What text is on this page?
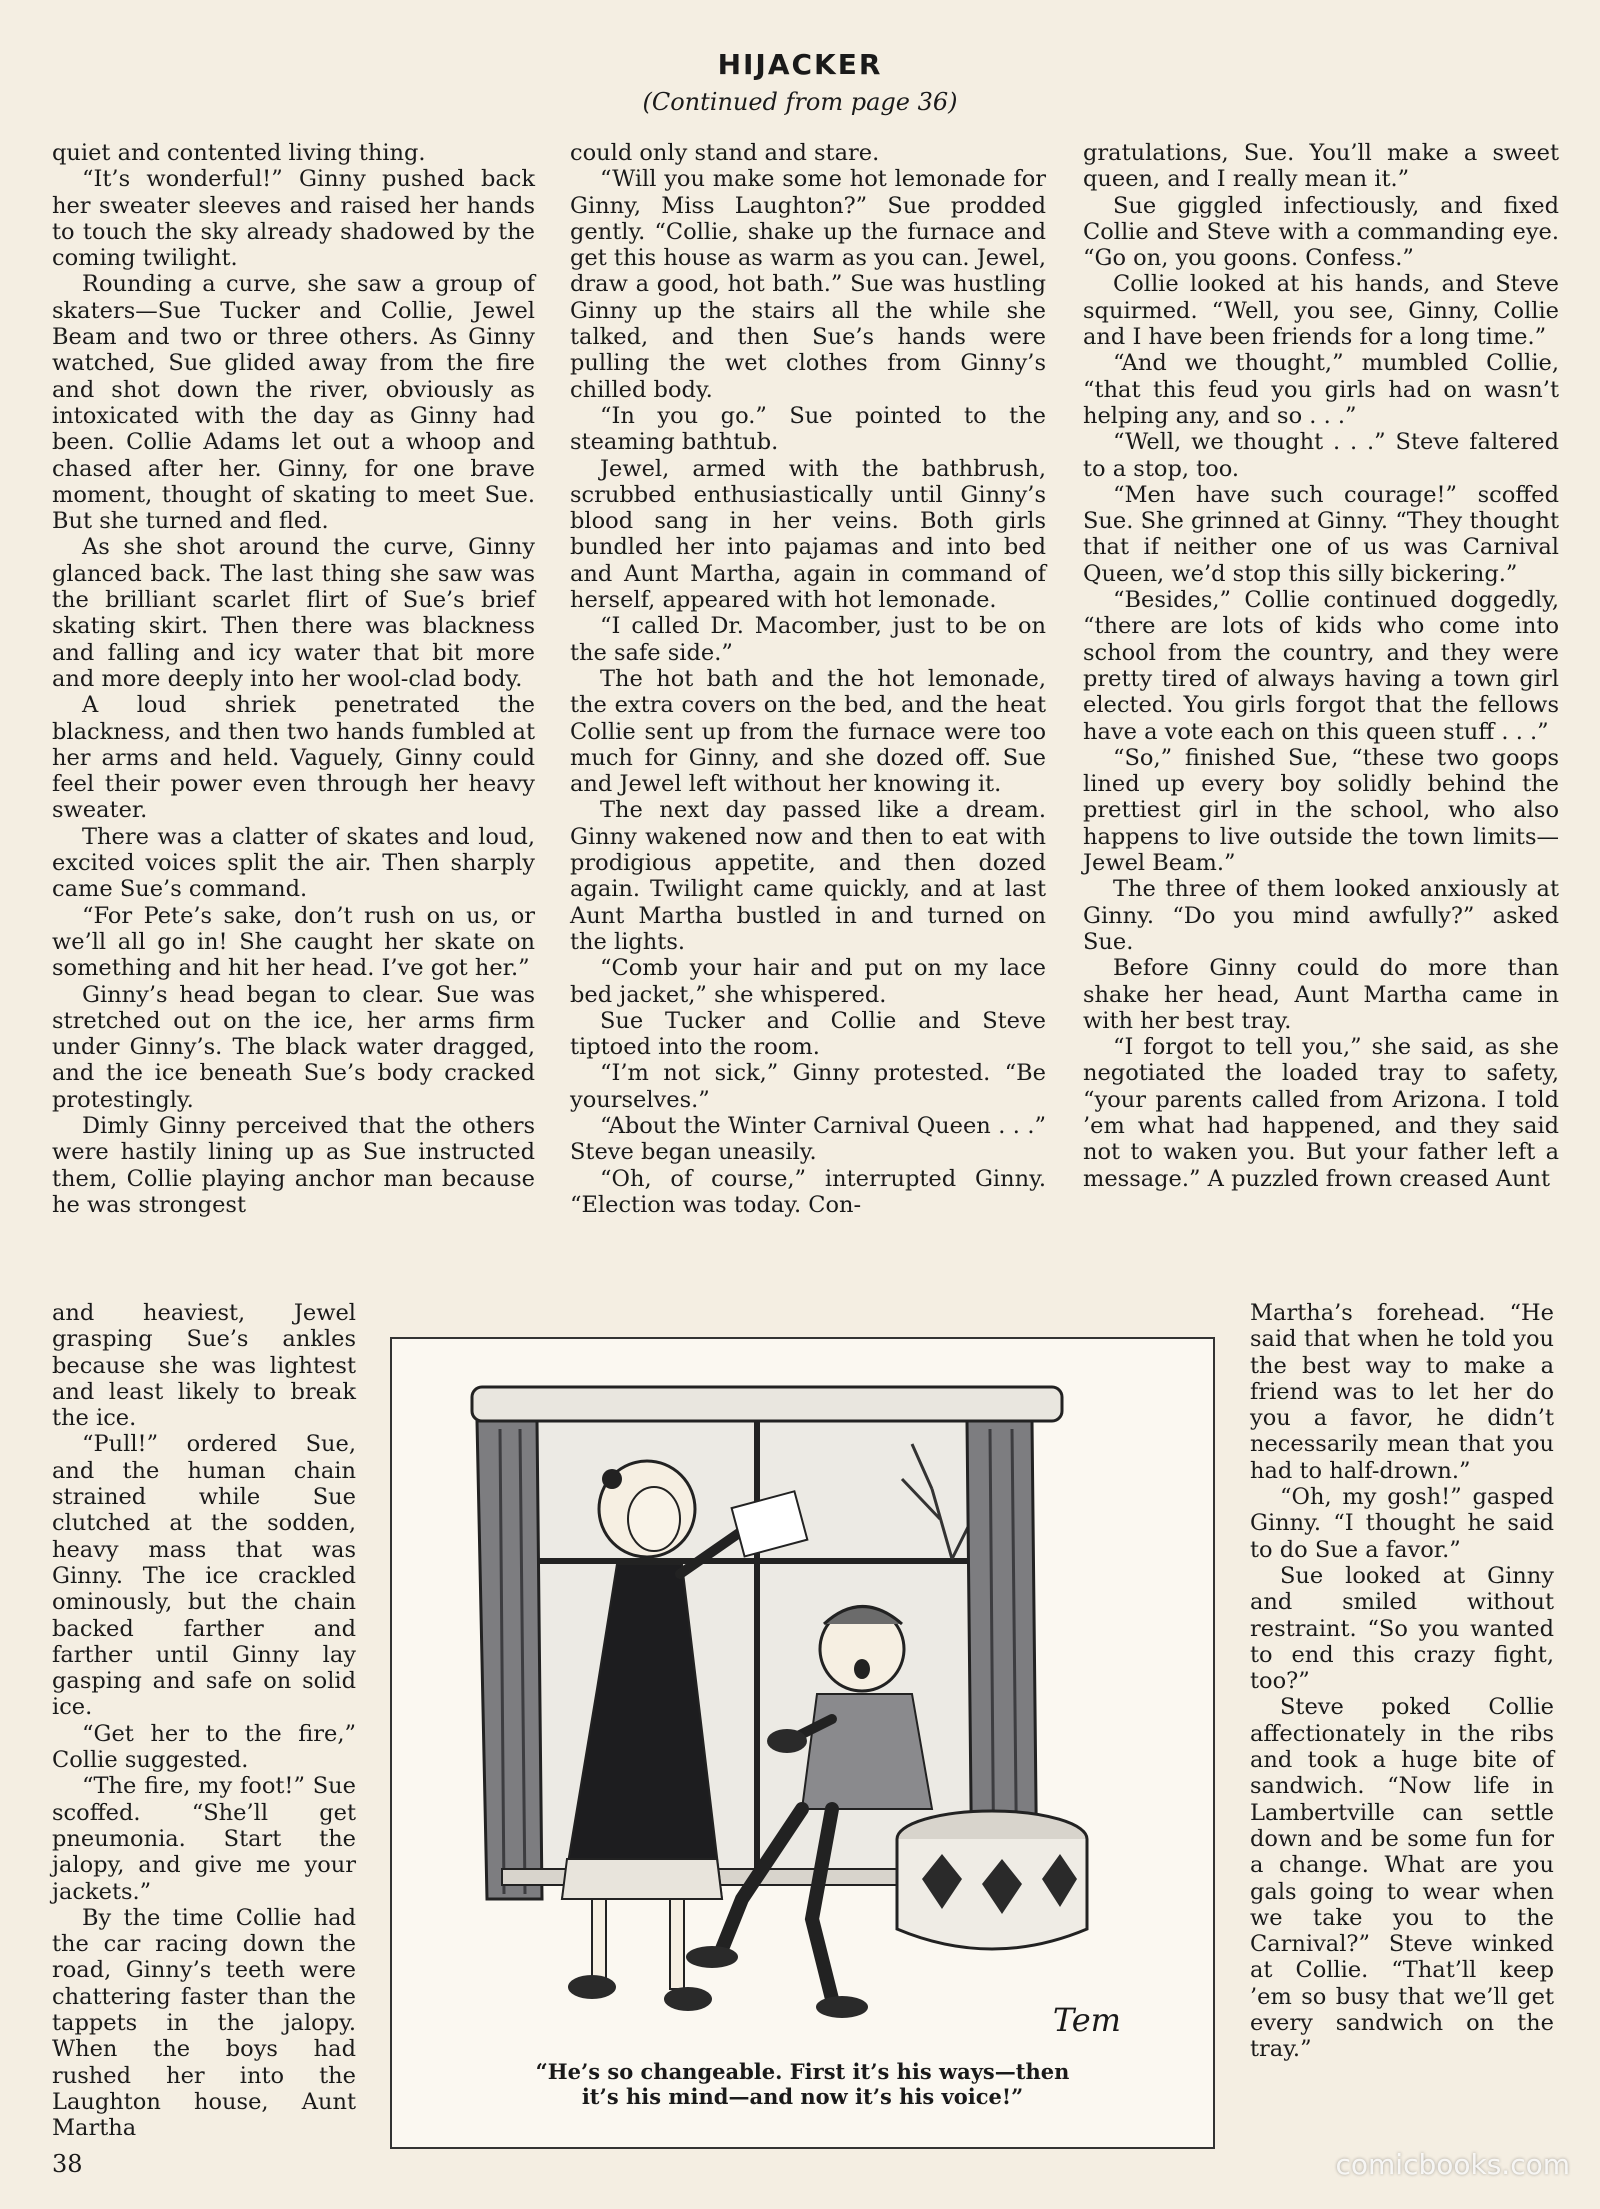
HIJACKER
(Continued from page 36)

quiet and contented living thing.

“It’s wonderful!” Ginny pushed back her sweater sleeves and raised her hands to touch the sky already shadowed by the coming twilight.

Rounding a curve, she saw a group of skaters—Sue Tucker and Collie, Jewel Beam and two or three others. As Ginny watched, Sue glided away from the fire and shot down the river, obviously as intoxicated with the day as Ginny had been. Collie Adams let out a whoop and chased after her. Ginny, for one brave moment, thought of skating to meet Sue. But she turned and fled.

As she shot around the curve, Ginny glanced back. The last thing she saw was the brilliant scarlet flirt of Sue’s brief skating skirt. Then there was blackness and falling and icy water that bit more and more deeply into her wool-clad body.

A loud shriek penetrated the blackness, and then two hands fumbled at her arms and held. Vaguely, Ginny could feel their power even through her heavy sweater.

There was a clatter of skates and loud, excited voices split the air. Then sharply came Sue’s command.

“For Pete’s sake, don’t rush on us, or we’ll all go in! She caught her skate on something and hit her head. I’ve got her.”

Ginny’s head began to clear. Sue was stretched out on the ice, her arms firm under Ginny’s. The black water dragged, and the ice beneath Sue’s body cracked protestingly.

Dimly Ginny perceived that the others were hastily lining up as Sue instructed them, Collie playing anchor man because he was strongest

and heaviest, Jewel grasping Sue’s ankles because she was lightest and least likely to break the ice.

“Pull!” ordered Sue, and the human chain strained while Sue clutched at the sodden, heavy mass that was Ginny. The ice crackled ominously, but the chain backed farther and farther until Ginny lay gasping and safe on solid ice.

“Get her to the fire,” Collie suggested.

“The fire, my foot!” Sue scoffed. “She’ll get pneumonia. Start the jalopy, and give me your jackets.”

By the time Collie had the car racing down the road, Ginny’s teeth were chattering faster than the tappets in the jalopy. When the boys had rushed her into the Laughton house, Aunt Martha

could only stand and stare.

“Will you make some hot lemonade for Ginny, Miss Laughton?” Sue prodded gently. “Collie, shake up the furnace and get this house as warm as you can. Jewel, draw a good, hot bath.” Sue was hustling Ginny up the stairs all the while she talked, and then Sue’s hands were pulling the wet clothes from Ginny’s chilled body.

“In you go.” Sue pointed to the steaming bathtub.

Jewel, armed with the bathbrush, scrubbed enthusiastically until Ginny’s blood sang in her veins. Both girls bundled her into pajamas and into bed and Aunt Martha, again in command of herself, appeared with hot lemonade.

“I called Dr. Macomber, just to be on the safe side.”

The hot bath and the hot lemonade, the extra covers on the bed, and the heat Collie sent up from the furnace were too much for Ginny, and she dozed off. Sue and Jewel left without her knowing it.

The next day passed like a dream. Ginny wakened now and then to eat with prodigious appetite, and then dozed again. Twilight came quickly, and at last Aunt Martha bustled in and turned on the lights.

“Comb your hair and put on my lace bed jacket,” she whispered.

Sue Tucker and Collie and Steve tiptoed into the room.

“I’m not sick,” Ginny protested. “Be yourselves.”

“About the Winter Carnival Queen . . .” Steve began uneasily.

“Oh, of course,” interrupted Ginny. “Election was today. Con-

gratulations, Sue. You’ll make a sweet queen, and I really mean it.”

Sue giggled infectiously, and fixed Collie and Steve with a commanding eye. “Go on, you goons. Confess.”

Collie looked at his hands, and Steve squirmed. “Well, you see, Ginny, Collie and I have been friends for a long time.”

“And we thought,” mumbled Collie, “that this feud you girls had on wasn’t helping any, and so . . .”

“Well, we thought . . .” Steve faltered to a stop, too.

“Men have such courage!” scoffed Sue. She grinned at Ginny. “They thought that if neither one of us was Carnival Queen, we’d stop this silly bickering.”

“Besides,” Collie continued doggedly, “there are lots of kids who come into school from the country, and they were pretty tired of always having a town girl elected. You girls forgot that the fellows have a vote each on this queen stuff . . .”

“So,” finished Sue, “these two goops lined up every boy solidly behind the prettiest girl in the school, who also happens to live outside the town limits—Jewel Beam.”

The three of them looked anxiously at Ginny. “Do you mind awfully?” asked Sue.

Before Ginny could do more than shake her head, Aunt Martha came in with her best tray.

“I forgot to tell you,” she said, as she negotiated the loaded tray to safety, “your parents called from Arizona. I told ’em what had happened, and they said not to waken you. But your father left a message.” A puzzled frown creased Aunt

Martha’s forehead. “He said that when he told you the best way to make a friend was to let her do you a favor, he didn’t necessarily mean that you had to half-drown.”

“Oh, my gosh!” gasped Ginny. “I thought he said to do Sue a favor.”

Sue looked at Ginny and smiled without restraint. “So you wanted to end this crazy fight, too?”

Steve poked Collie affectionately in the ribs and took a huge bite of sandwich. “Now life in Lambertville can settle down and be some fun for a change. What are you gals going to wear when we take you to the Carnival?” Steve winked at Collie. “That’ll keep ’em so busy that we’ll get every sandwich on the tray.”

Tem
“He’s so changeable. First it’s his ways—then
it’s his mind—and now it’s his voice!”
38	comicbooks.com
